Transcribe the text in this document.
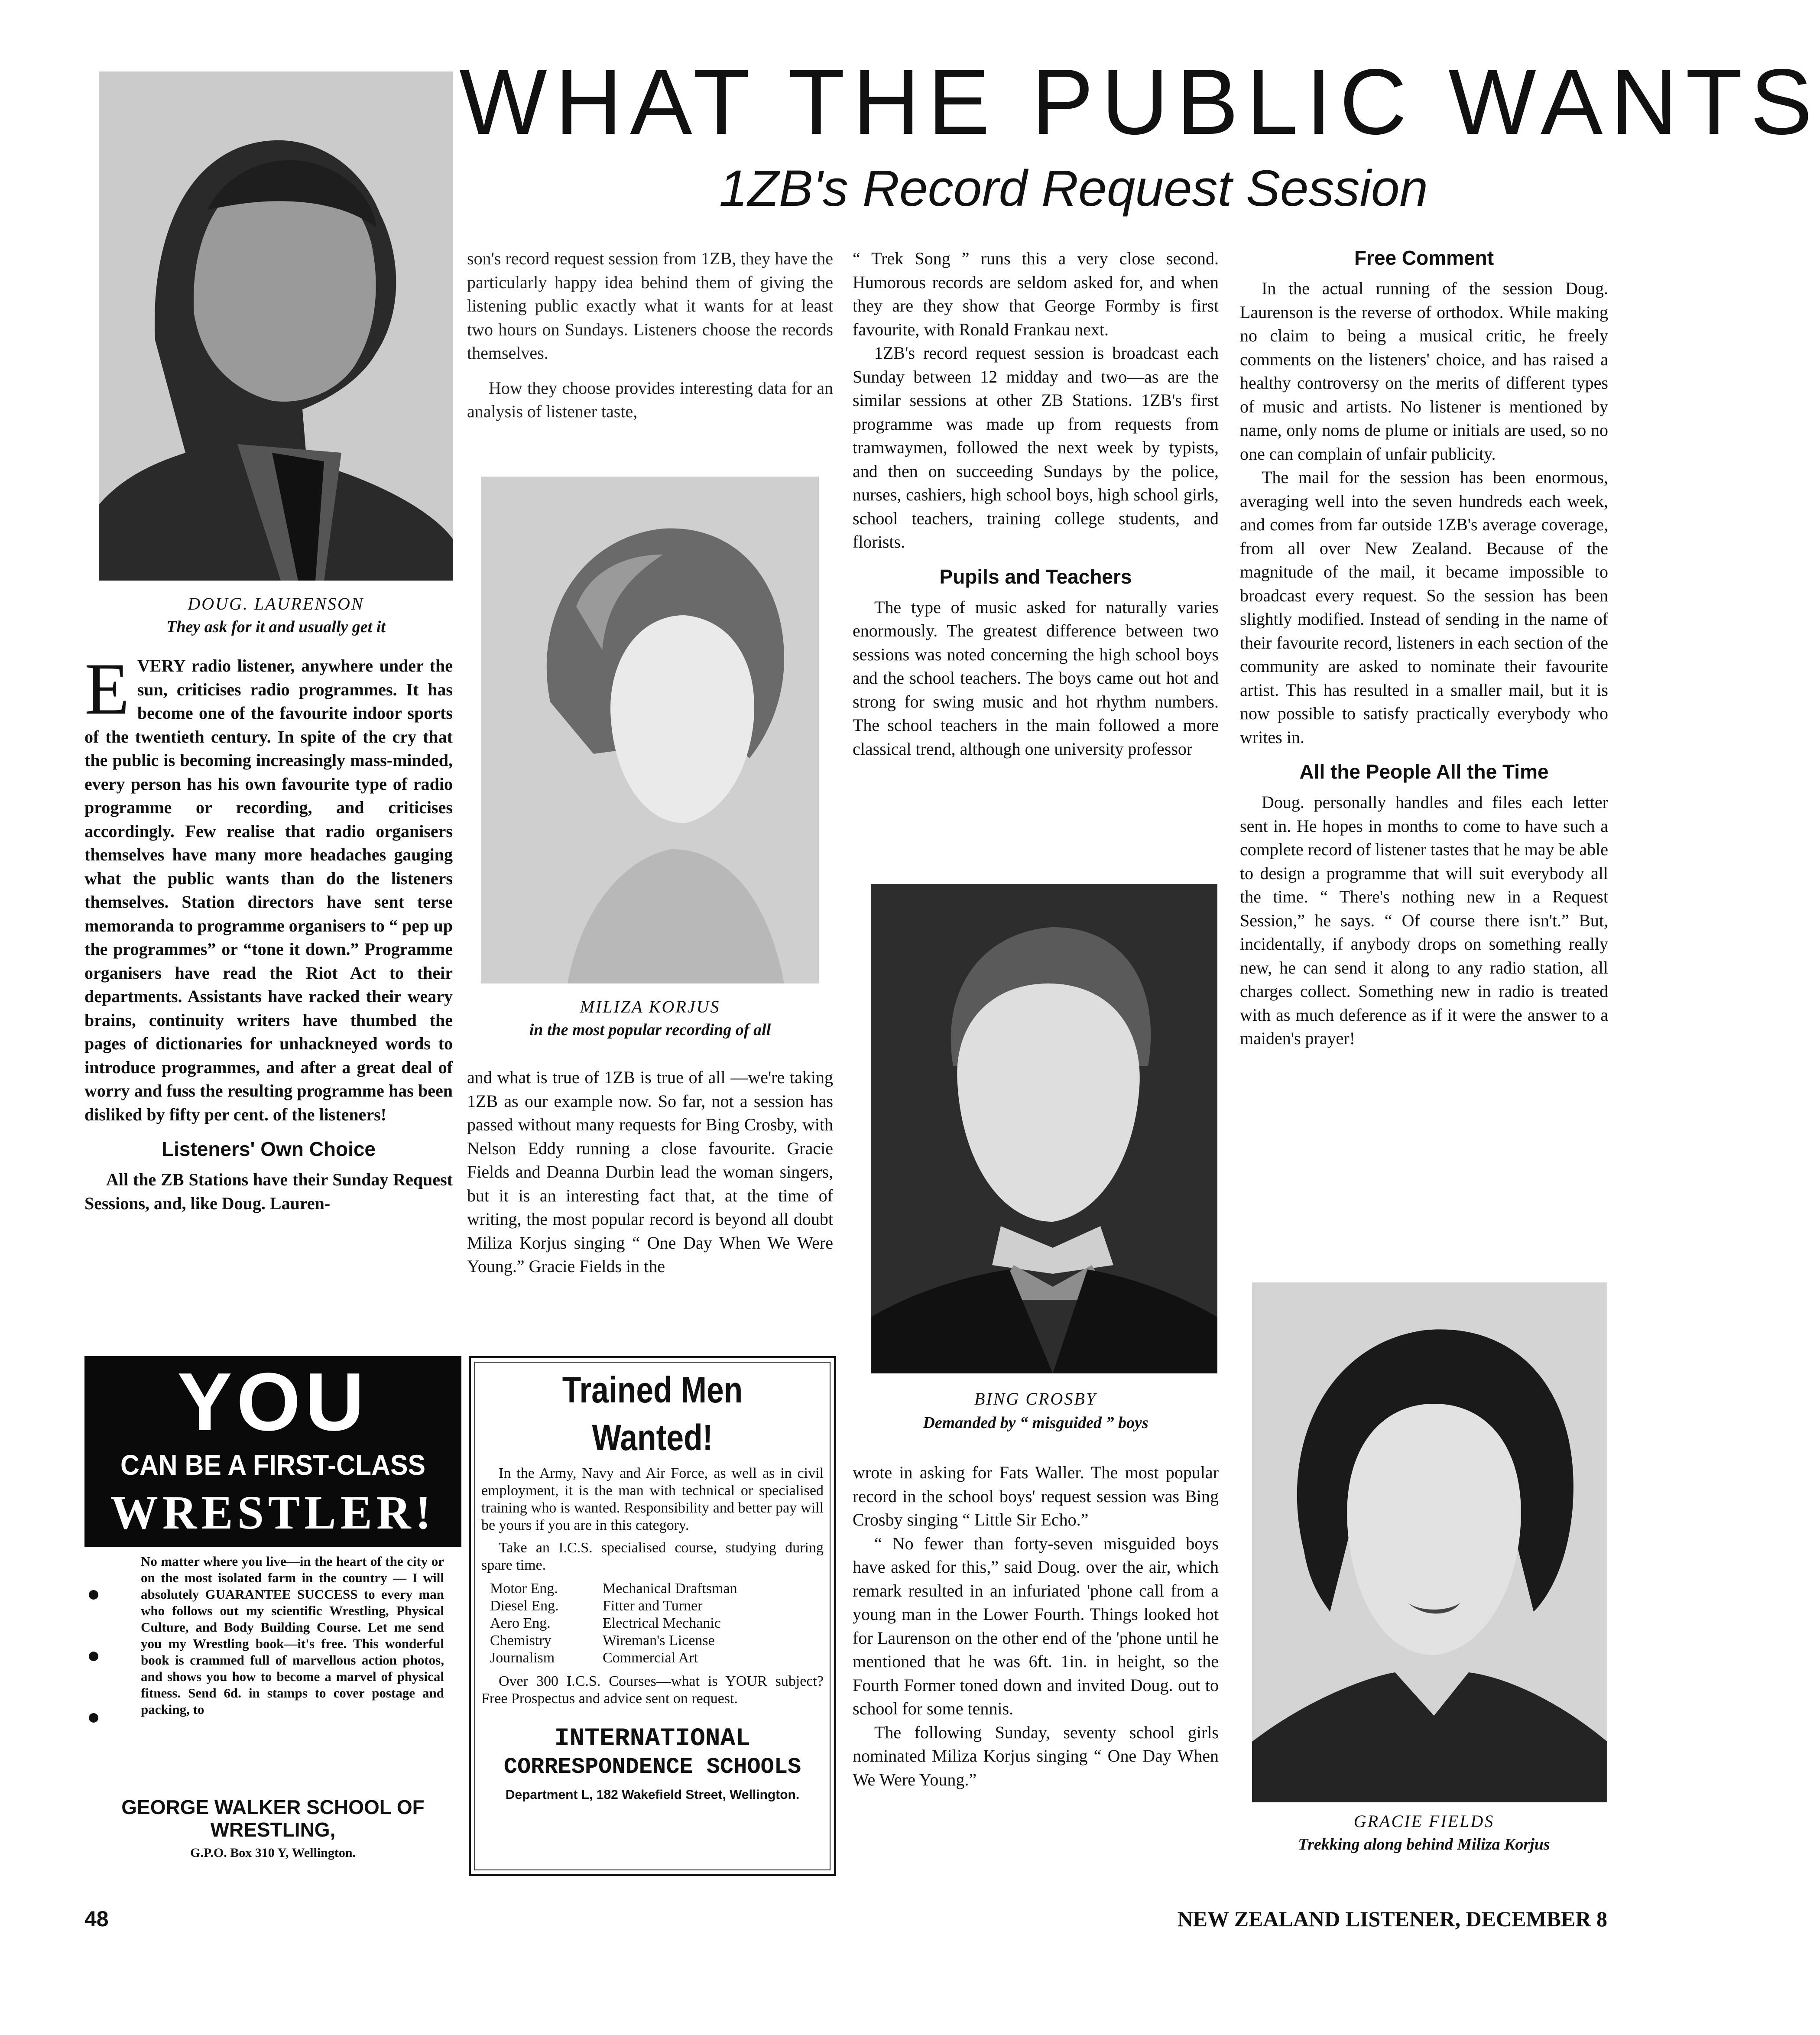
WHAT THE PUBLIC WANTS
1ZB's Record Request Session
DOUG. LAURENSON
They ask for it and usually get it

EVERY radio listener, anywhere under the sun, criticises radio programmes. It has become one of the favourite indoor sports of the twentieth century. In spite of the cry that the public is becoming increasingly mass-minded, every person has his own favourite type of radio programme or recording, and criticises accordingly. Few realise that radio organisers themselves have many more headaches gauging what the public wants than do the listeners themselves. Station directors have sent terse memoranda to programme organisers to “ pep up the programmes” or “tone it down.” Programme organisers have read the Riot Act to their departments. Assistants have racked their weary brains, continuity writers have thumbed the pages of dictionaries for unhackneyed words to introduce programmes, and after a great deal of worry and fuss the resulting programme has been disliked by fifty per cent. of the listeners!

Listeners' Own Choice

All the ZB Stations have their Sunday Request Sessions, and, like Doug. Lauren-

son's record request session from 1ZB, they have the particularly happy idea behind them of giving the listening public exactly what it wants for at least two hours on Sundays. Listeners choose the records themselves.

How they choose provides interesting data for an analysis of listener taste,

MILIZA KORJUS
in the most popular recording of all

and what is true of 1ZB is true of all —we're taking 1ZB as our example now. So far, not a session has passed without many requests for Bing Crosby, with Nelson Eddy running a close favourite. Gracie Fields and Deanna Durbin lead the woman singers, but it is an interesting fact that, at the time of writing, the most popular record is beyond all doubt Miliza Korjus singing “ One Day When We Were Young.” Gracie Fields in the

“ Trek Song ” runs this a very close second. Humorous records are seldom asked for, and when they are they show that George Formby is first favourite, with Ronald Frankau next.

1ZB's record request session is broadcast each Sunday between 12 midday and two—as are the similar sessions at other ZB Stations. 1ZB's first programme was made up from requests from tramwaymen, followed the next week by typists, and then on succeeding Sundays by the police, nurses, cashiers, high school boys, high school girls, school teachers, training college students, and florists.

Pupils and Teachers

The type of music asked for naturally varies enormously. The greatest difference between two sessions was noted concerning the high school boys and the school teachers. The boys came out hot and strong for swing music and hot rhythm numbers. The school teachers in the main followed a more classical trend, although one university professor

BING CROSBY
Demanded by “ misguided ” boys

wrote in asking for Fats Waller. The most popular record in the school boys' request session was Bing Crosby singing “ Little Sir Echo.”

“ No fewer than forty-seven misguided boys have asked for this,” said Doug. over the air, which remark resulted in an infuriated 'phone call from a young man in the Lower Fourth. Things looked hot for Laurenson on the other end of the 'phone until he mentioned that he was 6ft. 1in. in height, so the Fourth Former toned down and invited Doug. out to school for some tennis.

The following Sunday, seventy school girls nominated Miliza Korjus singing “ One Day When We Were Young.”

Free Comment

In the actual running of the session Doug. Laurenson is the reverse of orthodox. While making no claim to being a musical critic, he freely comments on the listeners' choice, and has raised a healthy controversy on the merits of different types of music and artists. No listener is mentioned by name, only noms de plume or initials are used, so no one can complain of unfair publicity.

The mail for the session has been enormous, averaging well into the seven hundreds each week, and comes from far outside 1ZB's average coverage, from all over New Zealand. Because of the magnitude of the mail, it became impossible to broadcast every request. So the session has been slightly modified. Instead of sending in the name of their favourite record, listeners in each section of the community are asked to nominate their favourite artist. This has resulted in a smaller mail, but it is now possible to satisfy practically everybody who writes in.

All the People All the Time

Doug. personally handles and files each letter sent in. He hopes in months to come to have such a complete record of listener tastes that he may be able to design a programme that will suit everybody all the time. “ There's nothing new in a Request Session,” he says. “ Of course there isn't.” But, incidentally, if anybody drops on something really new, he can send it along to any radio station, all charges collect. Something new in radio is treated with as much deference as if it were the answer to a maiden's prayer!

GRACIE FIELDS
Trekking along behind Miliza Korjus
YOU
CAN BE A FIRST-CLASS
WRESTLER!
No matter where you live—in the heart of the city or on the most isolated farm in the country — I will absolutely GUARANTEE SUCCESS to every man who follows out my scientific Wrestling, Physical Culture, and Body Building Course. Let me send you my Wrestling book—it's free. This wonderful book is crammed full of marvellous action photos, and shows you how to become a marvel of physical fitness. Send 6d. in stamps to cover postage and packing, to
GEORGE WALKER SCHOOL OF WRESTLING,
G.P.O. Box 310 Y, Wellington.
Trained Men Wanted!
In the Army, Navy and Air Force, as well as in civil employment, it is the man with technical or specialised training who is wanted. Responsibility and better pay will be yours if you are in this category.
Take an I.C.S. specialised course, studying during spare time.
Motor Eng.
Diesel Eng.
Aero Eng.
Chemistry
Journalism
Mechanical Draftsman
Fitter and Turner
Electrical Mechanic
Wireman's License
Commercial Art
Over 300 I.C.S. Courses—what is YOUR subject? Free Prospectus and advice sent on request.
INTERNATIONAL
CORRESPONDENCE SCHOOLS
Department L, 182 Wakefield Street, Wellington.
48	NEW ZEALAND LISTENER, DECEMBER 8
